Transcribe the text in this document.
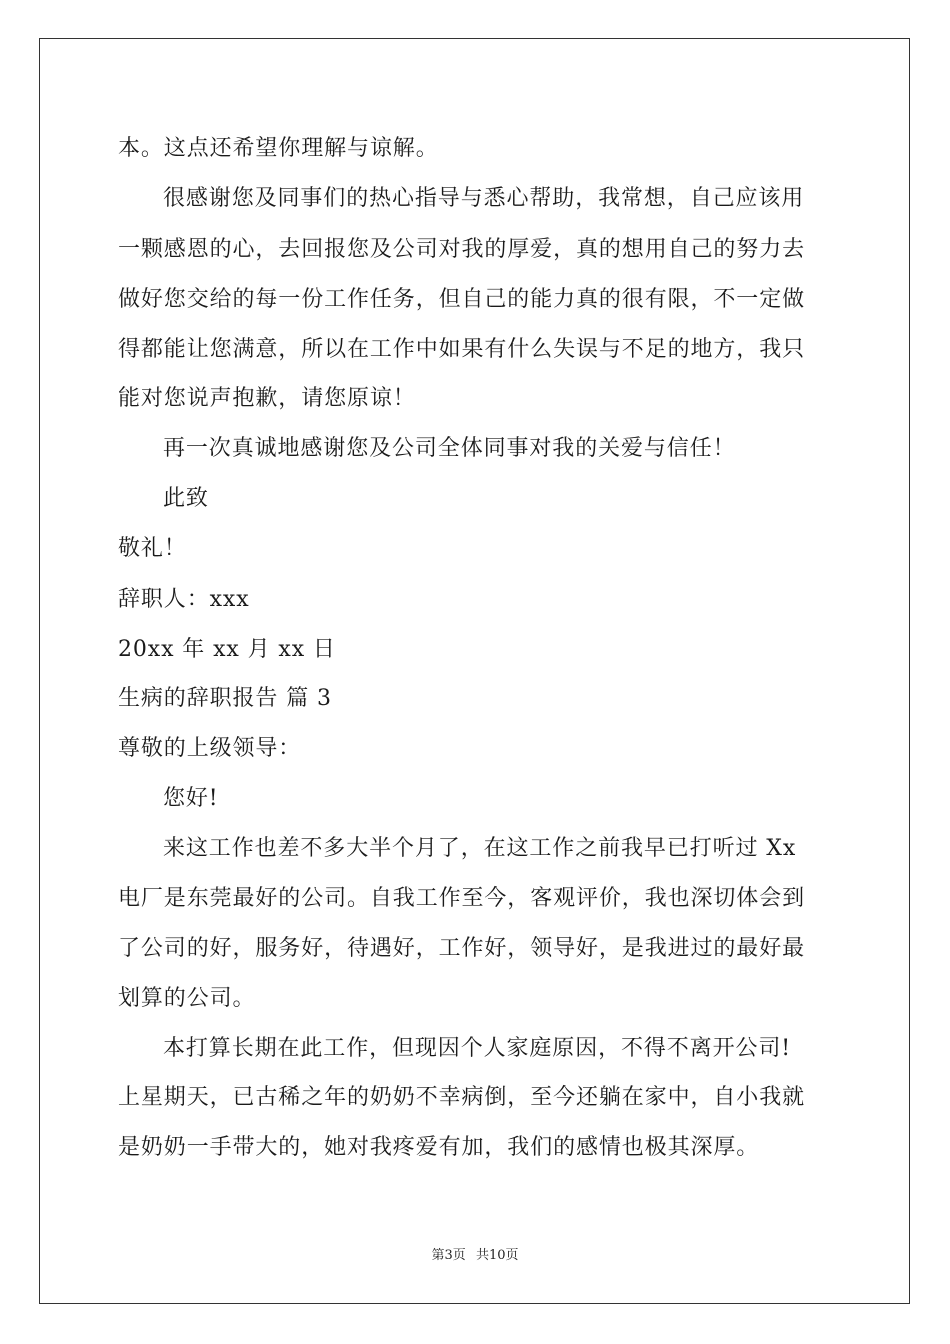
本。这点还希望你理解与谅解。
很感谢您及同事们的热心指导与悉心帮助，我常想，自己应该用
一颗感恩的心，去回报您及公司对我的厚爱，真的想用自己的努力去
做好您交给的每一份工作任务，但自己的能力真的很有限，不一定做
得都能让您满意，所以在工作中如果有什么失误与不足的地方，我只
能对您说声抱歉，请您原谅！
再一次真诚地感谢您及公司全体同事对我的关爱与信任！
此致
敬礼！
辞职人：xxx
20xx 年 xx 月 xx 日
生病的辞职报告 篇 3
尊敬的上级领导：
您好!
来这工作也差不多大半个月了，在这工作之前我早已打听过 Xx
电厂是东莞最好的公司。自我工作至今，客观评价，我也深切体会到
了公司的好，服务好，待遇好，工作好，领导好，是我进过的最好最
划算的公司。
本打算长期在此工作，但现因个人家庭原因，不得不离开公司!
上星期天，已古稀之年的奶奶不幸病倒，至今还躺在家中，自小我就
是奶奶一手带大的，她对我疼爱有加，我们的感情也极其深厚。
第3页 共10页
